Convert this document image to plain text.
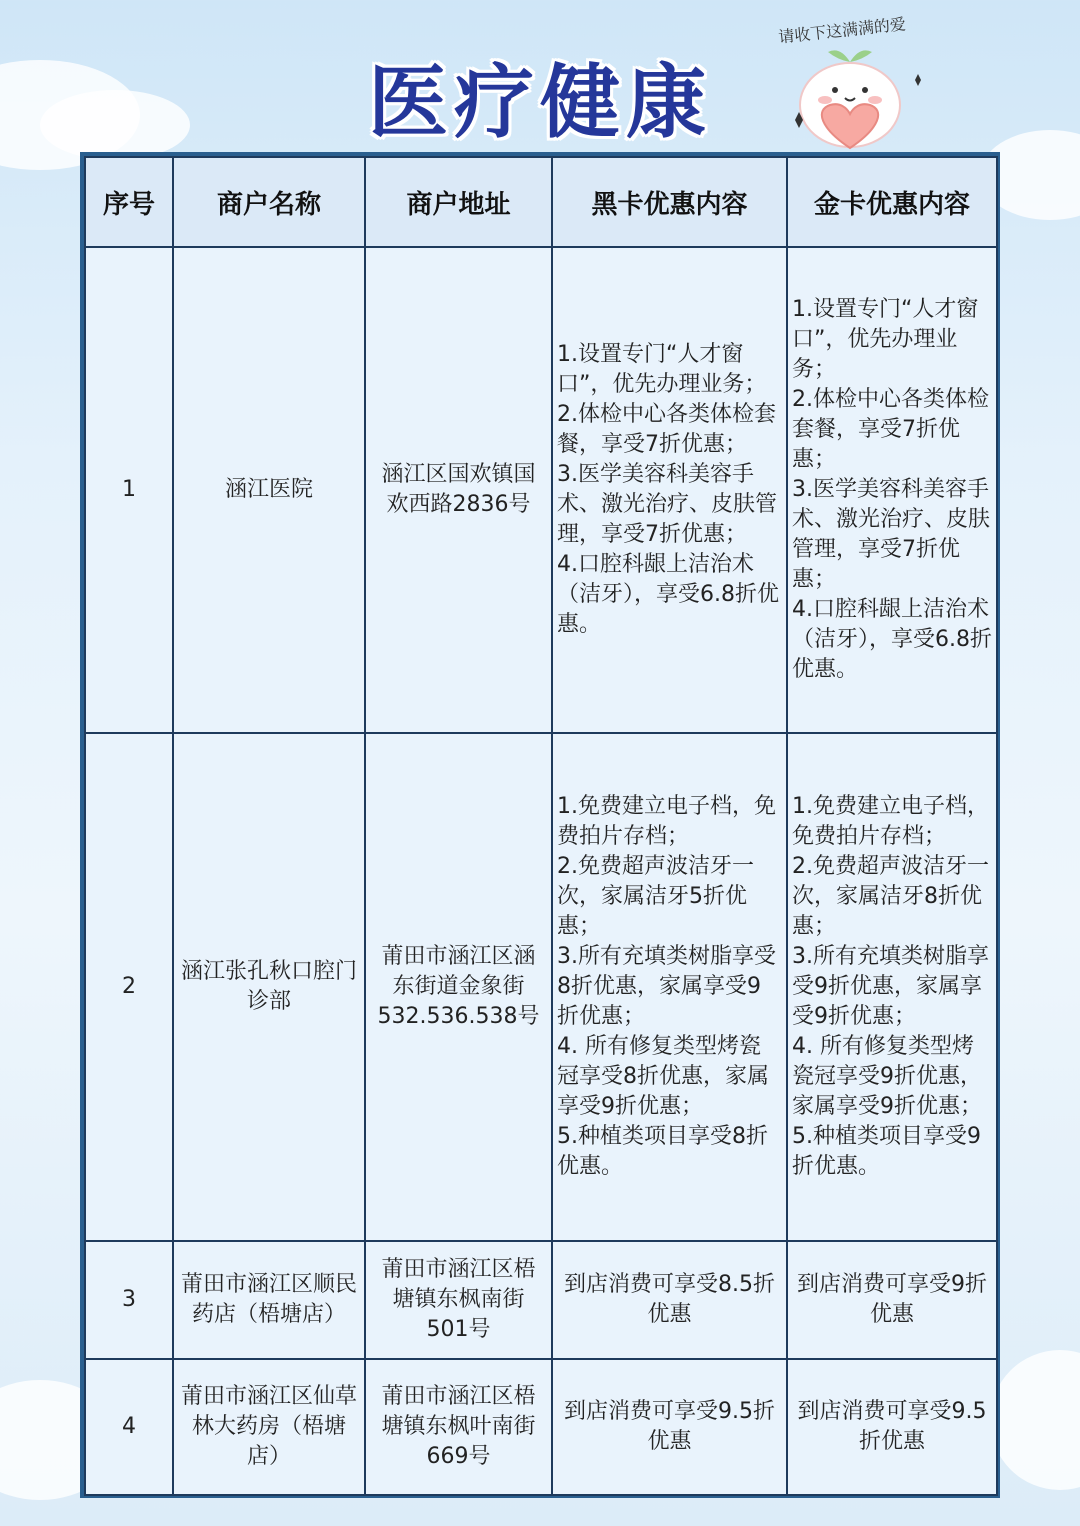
医疗健康
请收下这满满的爱
序号	商户名称	商户地址	黑卡优惠内容	金卡优惠内容
1	涵江医院	涵江区国欢镇国欢西路2836号	1.设置专门“人才窗口”，优先办理业务；
2.体检中心各类体检套餐，享受7折优惠；
3.医学美容科美容手术、激光治疗、皮肤管理，享受7折优惠；
4.口腔科龈上洁治术（洁牙），享受6.8折优惠。	1.设置专门“人才窗口”，优先办理业务；
2.体检中心各类体检套餐，享受7折优惠；
3.医学美容科美容手术、激光治疗、皮肤管理，享受7折优惠；
4.口腔科龈上洁治术（洁牙），享受6.8折优惠。

2	涵江张孔秋口腔门诊部	莆田市涵江区涵东街道金象街532.536.538号	1.免费建立电子档，免费拍片存档；
2.免费超声波洁牙一次，家属洁牙5折优惠；
3.所有充填类树脂享受8折优惠，家属享受9折优惠；
4. 所有修复类型烤瓷冠享受8折优惠，家属享受9折优惠；
5.种植类项目享受8折优惠。	1.免费建立电子档，免费拍片存档；
2.免费超声波洁牙一次，家属洁牙8折优惠；
3.所有充填类树脂享受9折优惠，家属享受9折优惠；
4. 所有修复类型烤瓷冠享受9折优惠，家属享受9折优惠；
5.种植类项目享受9折优惠。

3	莆田市涵江区顺民药店（梧塘店）	莆田市涵江区梧塘镇东枫南街501号	到店消费可享受8.5折优惠	到店消费可享受9折优惠
4	莆田市涵江区仙草林大药房（梧塘店）	莆田市涵江区梧塘镇东枫叶南街669号	到店消费可享受9.5折优惠	到店消费可享受9.5折优惠
